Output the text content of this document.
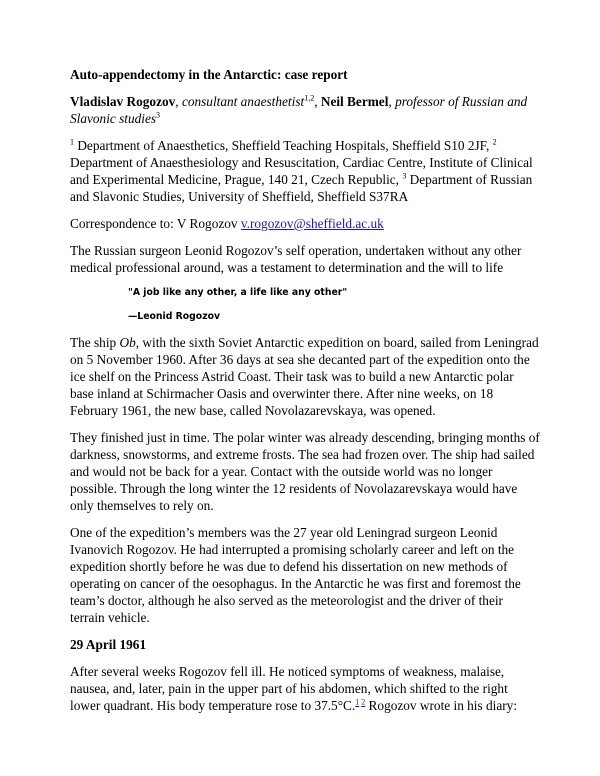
Auto-appendectomy in the Antarctic: case report
Vladislav Rogozov, consultant anaesthetist$^{1,2}$, Neil Bermel, professor of Russian and Slavonic studies$^3$
$^1$ Department of Anaesthetics, Sheffield Teaching Hospitals, Sheffield S10 2JF, $^2$ Department of Anaesthesiology and Resuscitation, Cardiac Centre, Institute of Clinical and Experimental Medicine, Prague, 140 21, Czech Republic, $^3$ Department of Russian and Slavonic Studies, University of Sheffield, Sheffield S37RA
Correspondence to: V Rogozov v.rogozov@sheffield.ac.uk

The Russian surgeon Leonid Rogozov’s self operation, undertaken without any other medical professional around, was a testament to determination and the will to life

"A job like any other, a life like any other"
—Leonid Rogozov

The ship Ob, with the sixth Soviet Antarctic expedition on board, sailed from Leningrad on 5 November 1960. After 36 days at sea she decanted part of the expedition onto the ice shelf on the Princess Astrid Coast. Their task was to build a new Antarctic polar base inland at Schirmacher Oasis and overwinter there. After nine weeks, on 18 February 1961, the new base, called Novolazarevskaya, was opened.

They finished just in time. The polar winter was already descending, bringing months of darkness, snowstorms, and extreme frosts. The sea had frozen over. The ship had sailed and would not be back for a year. Contact with the outside world was no longer possible. Through the long winter the 12 residents of Novolazarevskaya would have only themselves to rely on.

One of the expedition’s members was the 27 year old Leningrad surgeon Leonid Ivanovich Rogozov. He had interrupted a promising scholarly career and left on the expedition shortly before he was due to defend his dissertation on new methods of operating on cancer of the oesophagus. In the Antarctic he was first and foremost the team’s doctor, although he also served as the meteorologist and the driver of their terrain vehicle.

29 April 1961

After several weeks Rogozov fell ill. He noticed symptoms of weakness, malaise, nausea, and, later, pain in the upper part of his abdomen, which shifted to the right lower quadrant. His body temperature rose to 37.5°C.$^{1 2}$ Rogozov wrote in his diary:
